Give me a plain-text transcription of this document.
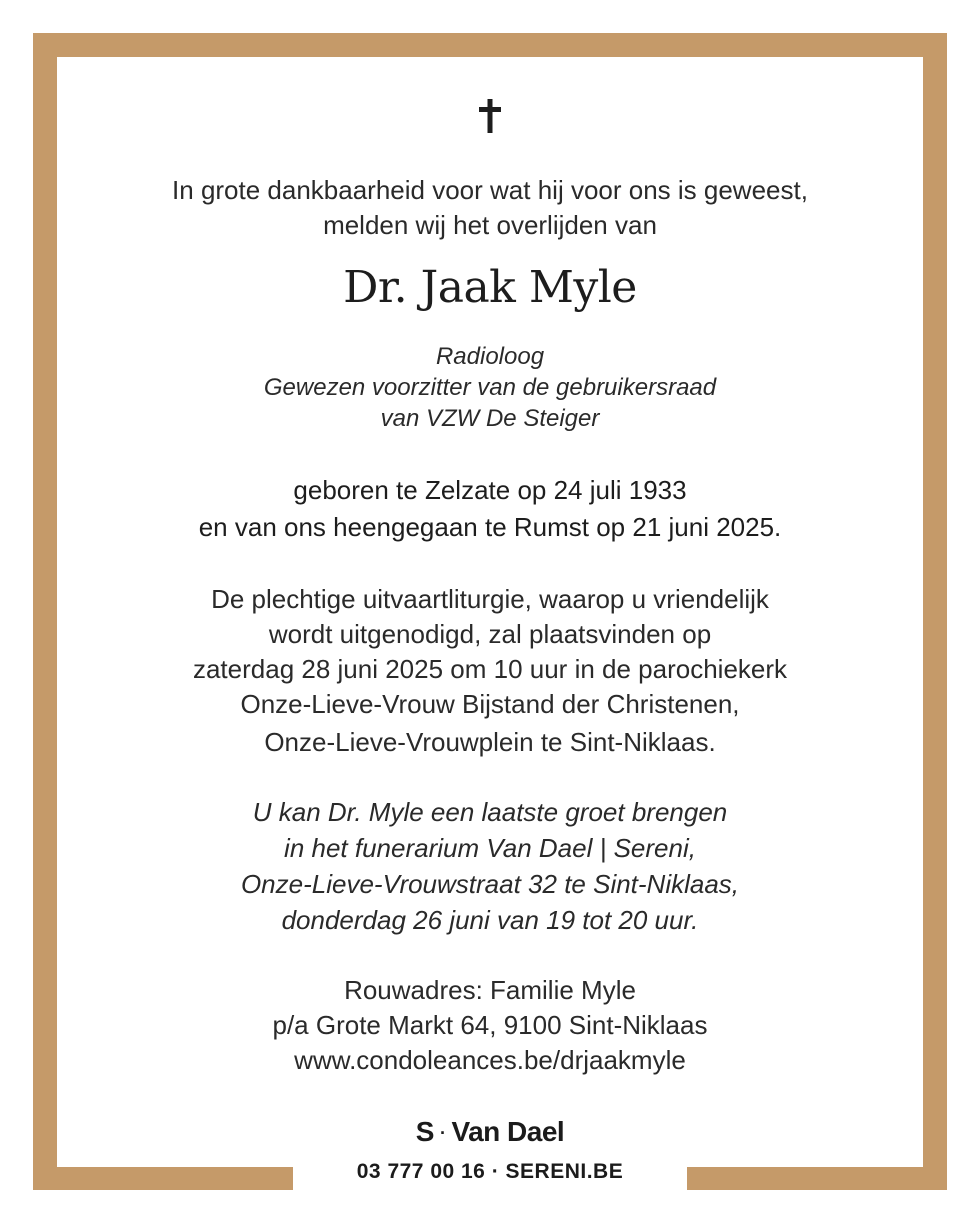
In grote dankbaarheid voor wat hij voor ons is geweest,
melden wij het overlijden van
Dr. Jaak Myle
Radioloog
Gewezen voorzitter van de gebruikersraad
van VZW De Steiger
geboren te Zelzate op 24 juli 1933
en van ons heengegaan te Rumst op 21 juni 2025.
De plechtige uitvaartliturgie, waarop u vriendelijk
wordt uitgenodigd, zal plaatsvinden op
zaterdag 28 juni 2025 om 10 uur in de parochiekerk
Onze-Lieve-Vrouw Bijstand der Christenen,
Onze-Lieve-Vrouwplein te Sint-Niklaas.
U kan Dr. Myle een laatste groet brengen
in het funerarium Van Dael | Sereni,
Onze-Lieve-Vrouwstraat 32 te Sint-Niklaas,
donderdag 26 juni van 19 tot 20 uur.
Rouwadres: Familie Myle
p/a Grote Markt 64, 9100 Sint-Niklaas
www.condoleances.be/drjaakmyle
S · Van Dael
03 777 00 16 · SERENI.BE
